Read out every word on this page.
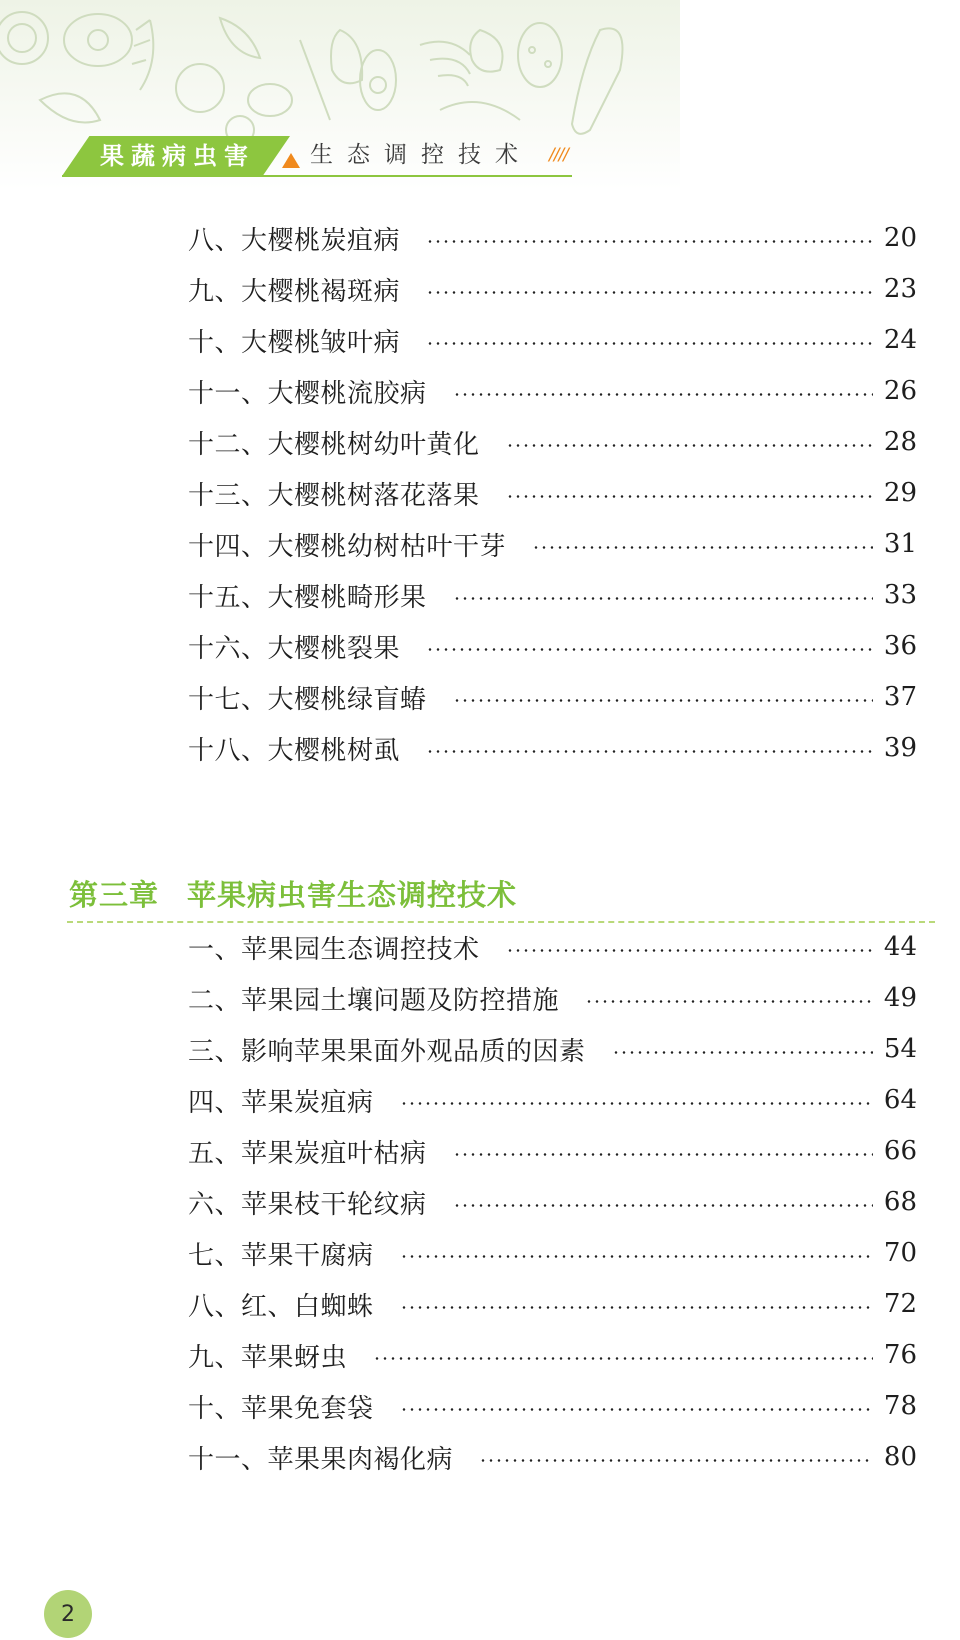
果蔬病虫害	生态调控技术 ////
八、大樱桃炭疽病	20
九、大樱桃褐斑病	23
十、大樱桃皱叶病	24
十一、大樱桃流胶病	26
十二、大樱桃树幼叶黄化	28
十三、大樱桃树落花落果	29
十四、大樱桃幼树枯叶干芽	31
十五、大樱桃畸形果	33
十六、大樱桃裂果	36
十七、大樱桃绿盲蝽	37
十八、大樱桃树虱	39
第三章 苹果病虫害生态调控技术
一、苹果园生态调控技术	44
二、苹果园土壤问题及防控措施	49
三、影响苹果果面外观品质的因素	54
四、苹果炭疽病	64
五、苹果炭疽叶枯病	66
六、苹果枝干轮纹病	68
七、苹果干腐病	70
八、红、白蜘蛛	72
九、苹果蚜虫	76
十、苹果免套袋	78
十一、苹果果肉褐化病	80
2
